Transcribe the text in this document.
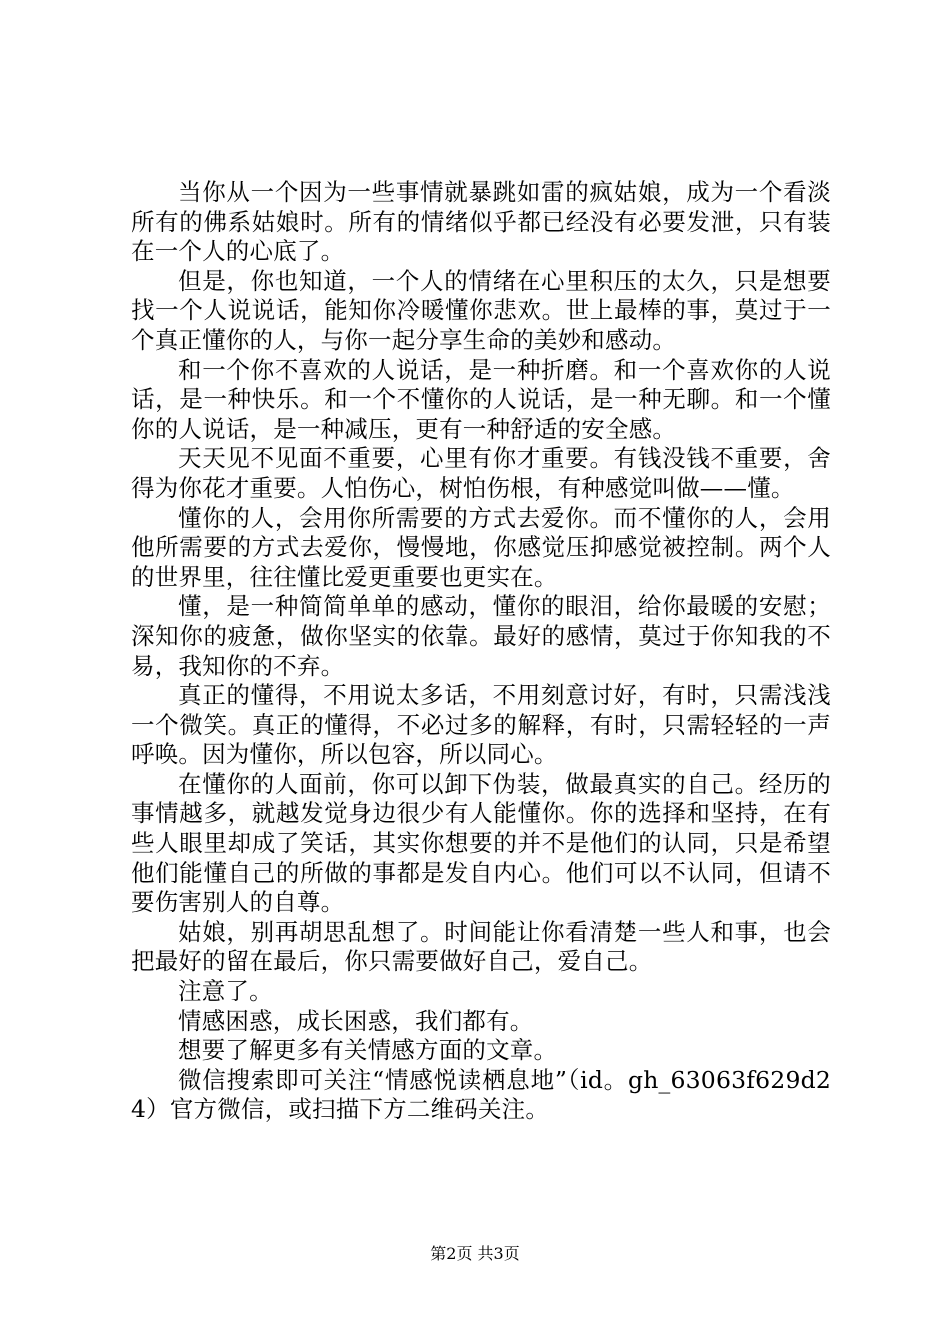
当你从一个因为一些事情就暴跳如雷的疯姑娘，成为一个看淡所有的佛系姑娘时。所有的情绪似乎都已经没有必要发泄，只有装在一个人的心底了。

但是，你也知道，一个人的情绪在心里积压的太久，只是想要找一个人说说话，能知你冷暖懂你悲欢。世上最棒的事，莫过于一个真正懂你的人，与你一起分享生命的美妙和感动。

和一个你不喜欢的人说话，是一种折磨。和一个喜欢你的人说话，是一种快乐。和一个不懂你的人说话，是一种无聊。和一个懂你的人说话，是一种减压，更有一种舒适的安全感。

天天见不见面不重要，心里有你才重要。有钱没钱不重要，舍得为你花才重要。人怕伤心，树怕伤根，有种感觉叫做——懂。

懂你的人，会用你所需要的方式去爱你。而不懂你的人，会用他所需要的方式去爱你，慢慢地，你感觉压抑感觉被控制。两个人的世界里，往往懂比爱更重要也更实在。

懂，是一种简简单单的感动，懂你的眼泪，给你最暖的安慰；深知你的疲惫，做你坚实的依靠。最好的感情，莫过于你知我的不易，我知你的不弃。

真正的懂得，不用说太多话，不用刻意讨好，有时，只需浅浅一个微笑。真正的懂得，不必过多的解释，有时，只需轻轻的一声呼唤。因为懂你，所以包容，所以同心。

在懂你的人面前，你可以卸下伪装，做最真实的自己。经历的事情越多，就越发觉身边很少有人能懂你。你的选择和坚持，在有些人眼里却成了笑话，其实你想要的并不是他们的认同，只是希望他们能懂自己的所做的事都是发自内心。他们可以不认同，但请不要伤害别人的自尊。

姑娘，别再胡思乱想了。时间能让你看清楚一些人和事，也会把最好的留在最后，你只需要做好自己，爱自己。

注意了。

情感困惑，成长困惑，我们都有。

想要了解更多有关情感方面的文章。

微信搜索即可关注“情感悦读栖息地”（id。gh_63063f629d24）官方微信，或扫描下方二维码关注。

第2页 共3页
